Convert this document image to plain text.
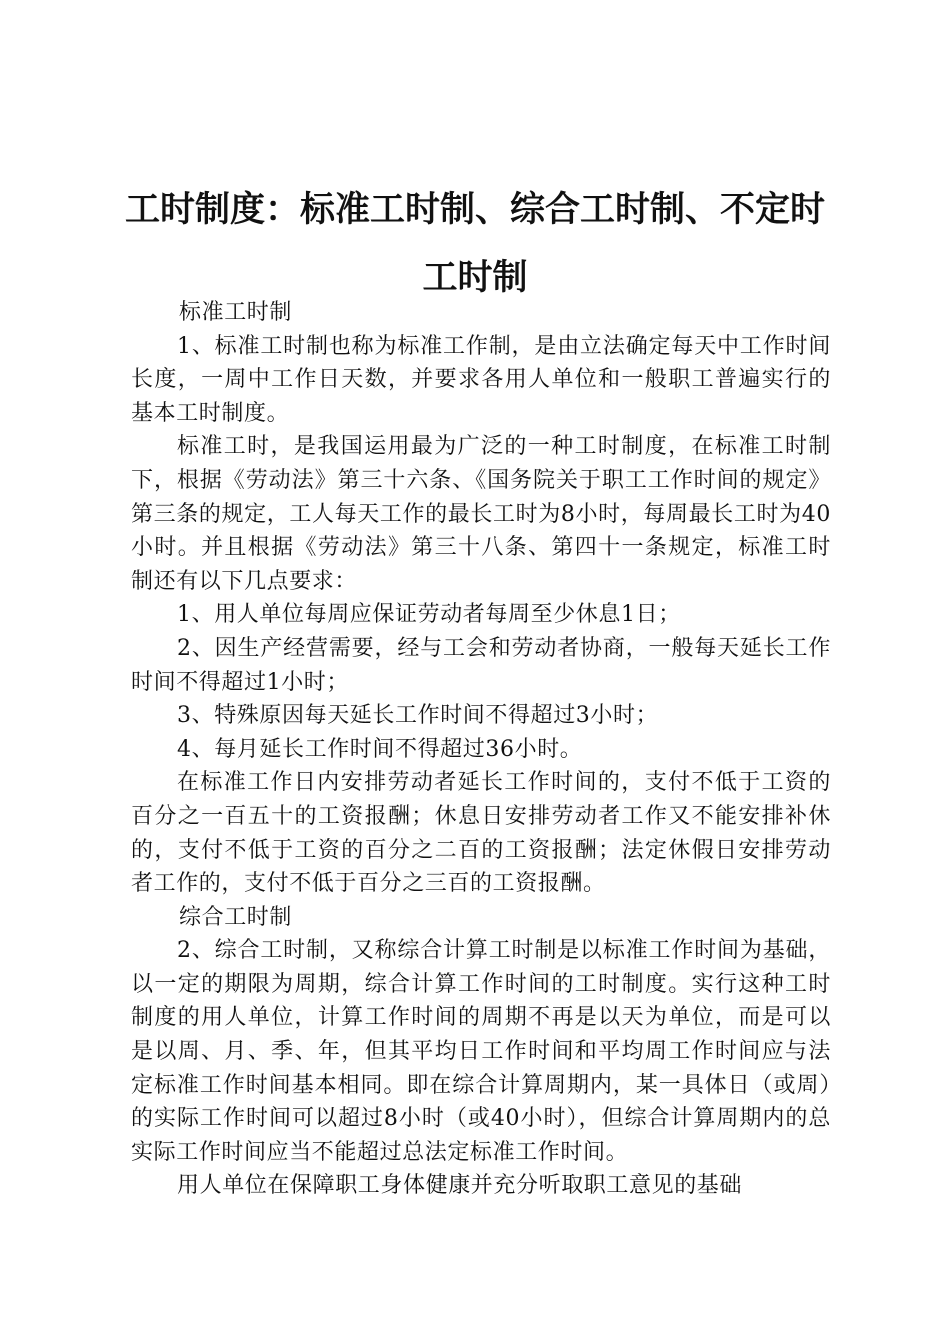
工时制度：标准工时制、综合工时制、不定时工时制

标准工时制

1、标准工时制也称为标准工作制，是由立法确定每天中工作时间长度，一周中工作日天数，并要求各用人单位和一般职工普遍实行的基本工时制度。

标准工时，是我国运用最为广泛的一种工时制度，在标准工时制下，根据《劳动法》第三十六条、《国务院关于职工工作时间的规定》第三条的规定，工人每天工作的最长工时为8小时，每周最长工时为40小时。并且根据《劳动法》第三十八条、第四十一条规定，标准工时制还有以下几点要求：

1、用人单位每周应保证劳动者每周至少休息1日；

2、因生产经营需要，经与工会和劳动者协商，一般每天延长工作时间不得超过1小时；

3、特殊原因每天延长工作时间不得超过3小时；

4、每月延长工作时间不得超过36小时。

在标准工作日内安排劳动者延长工作时间的，支付不低于工资的百分之一百五十的工资报酬；休息日安排劳动者工作又不能安排补休的，支付不低于工资的百分之二百的工资报酬；法定休假日安排劳动者工作的，支付不低于百分之三百的工资报酬。

综合工时制

2、综合工时制，又称综合计算工时制是以标准工作时间为基础，以一定的期限为周期，综合计算工作时间的工时制度。实行这种工时制度的用人单位，计算工作时间的周期不再是以天为单位，而是可以是以周、月、季、年，但其平均日工作时间和平均周工作时间应与法定标准工作时间基本相同。即在综合计算周期内，某一具体日（或周）的实际工作时间可以超过8小时（或40小时），但综合计算周期内的总实际工作时间应当不能超过总法定标准工作时间。

用人单位在保障职工身体健康并充分听取职工意见的基础
